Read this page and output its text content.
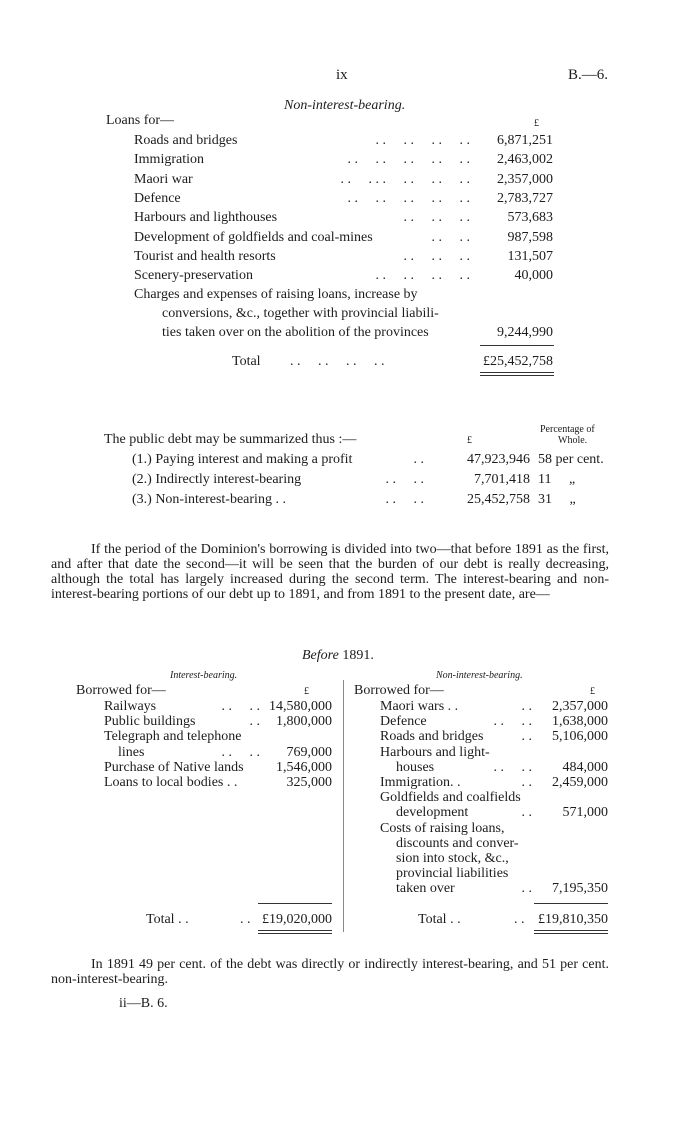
ix	B.—6.
Non-interest-bearing.
Loans for—	£
Roads and bridges	. .     . .     . .     . . 6,871,251
Immigration	. .     . .     . .     . .     . . 2,463,002
Maori war	. .     . . .     . .     . .     . . 2,357,000
Defence	. .     . .     . .     . .     . . 2,783,727
Harbours and lighthouses	. .     . .     . .	573,683
Development of goldfields and coal-mines	. .     . .	987,598
Tourist and health resorts	. .     . .     . .	131,507
Scenery-preservation	. .     . .     . .     . .	40,000
Charges and expenses of raising loans, increase by
conversions, &c., together with provincial liabili-
ties taken over on the abolition of the provinces	9,244,990
Total . .     . .     . .     . .	£25,452,758
Percentage of
Whole.
The public debt may be summarized thus :—	£
(1.) Paying interest and making a profit	. .	47,923,946 58 per cent.
(2.) Indirectly interest-bearing	. .     . .	7,701,418 11     „
(3.) Non-interest-bearing . .	. .     . .	25,452,758 31     „
If the period of the Dominion's borrowing is divided into two—that before 1891 as the first, and after that date the second—it will be seen that the burden of our debt is really decreasing, although the total has largely increased during the second term. The interest-bearing and non-interest-bearing portions of our debt up to 1891, and from 1891 to the present date, are—
Before 1891.
Interest-bearing.	Non-interest-bearing.
Borrowed for—	Borrowed for—
£	£
Railways	. .     . . 14,580,000
Public buildings	. . 1,800,000
Telegraph and telephone
lines	. .     . . 769,000
Purchase of Native lands 1,546,000
Loans to local bodies . .	325,000
Maori wars . .	. . 2,357,000
Defence	. .     . . 1,638,000
Roads and bridges	. . 5,106,000
Harbours and light-
houses	. .     . . 484,000
Immigration. .	. . 2,459,000
Goldfields and coalfields
development	. . 571,000
Costs of raising loans,
discounts and conver-
sion into stock, &c.,
provincial liabilities
taken over	. . 7,195,350
Total . .	. . £19,020,000	Total . .	. . £19,810,350
In 1891 49 per cent. of the debt was directly or indirectly interest-bearing, and 51 per cent. non-interest-bearing.
ii—B. 6.
